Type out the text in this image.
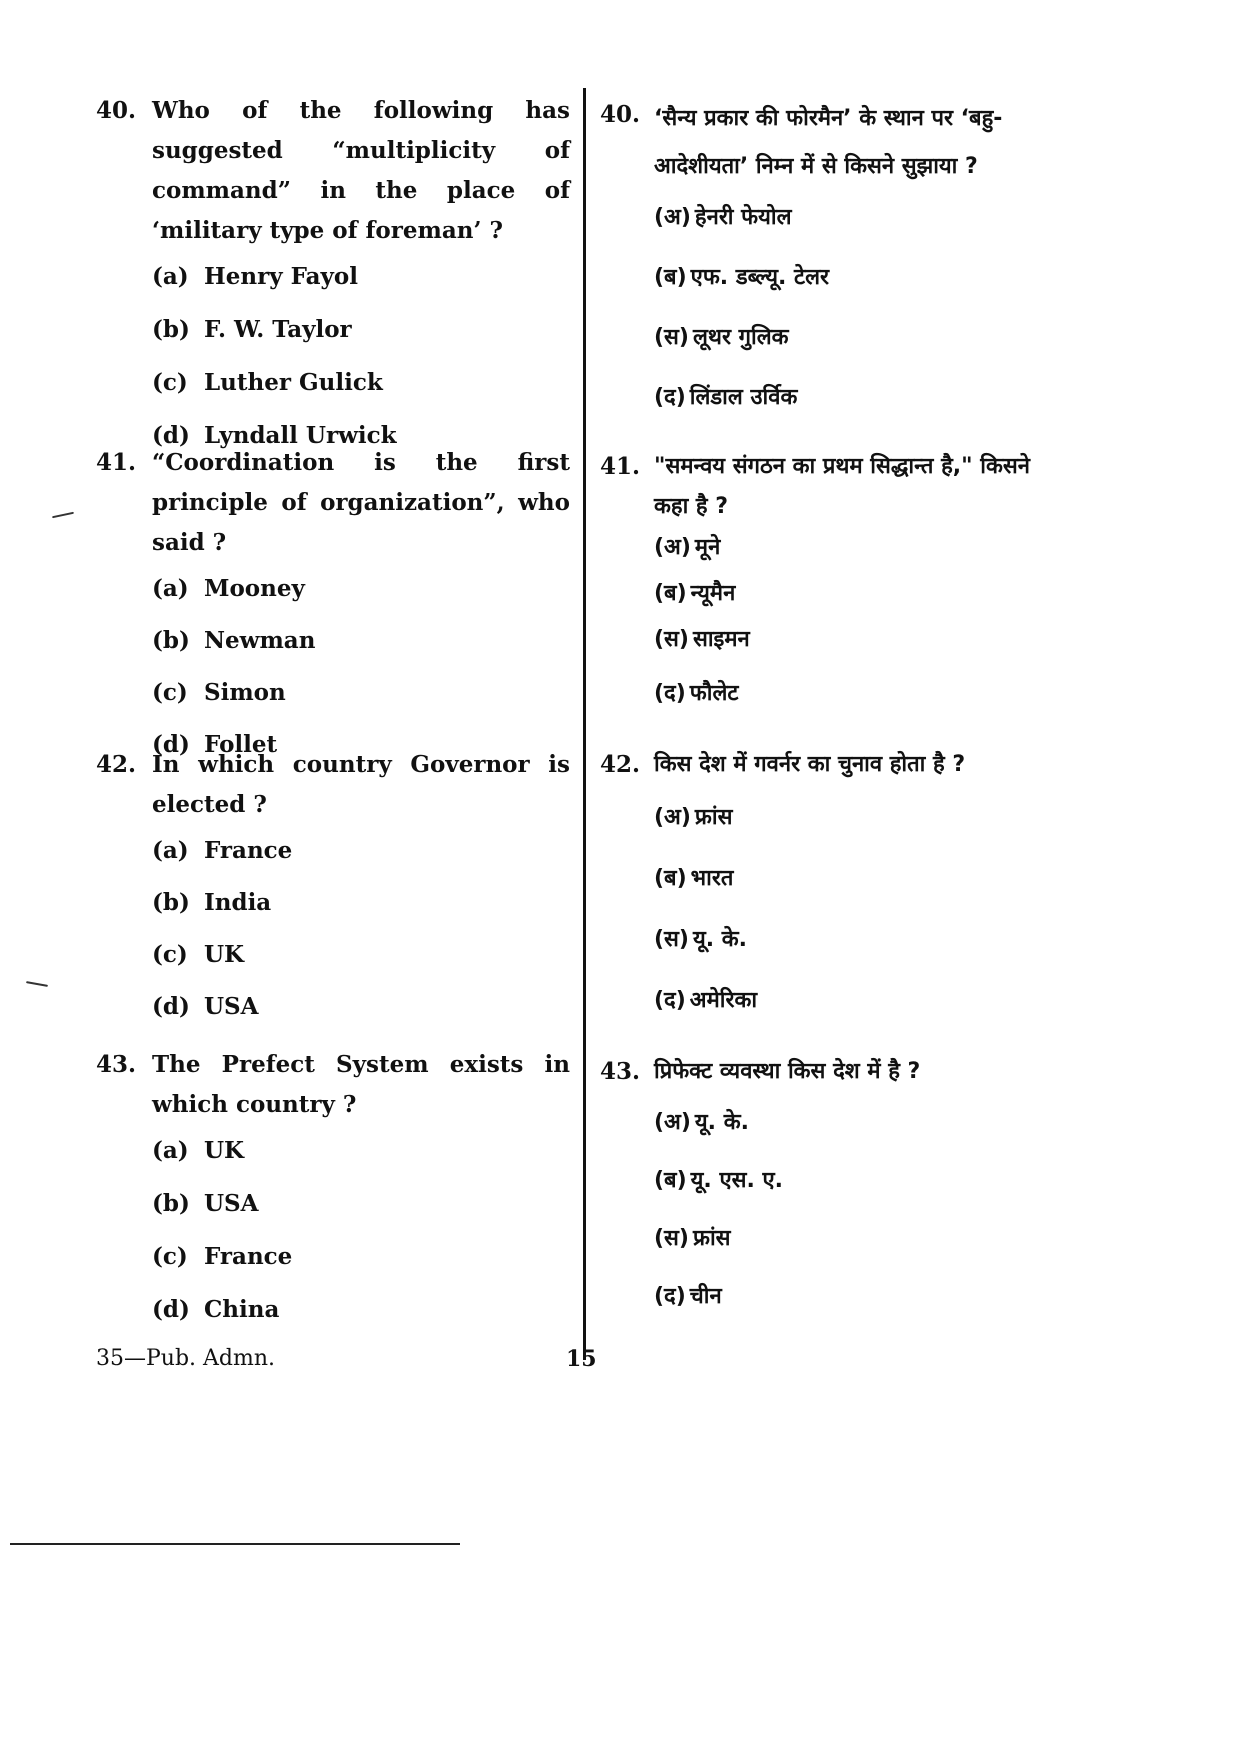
40. Who of the following has suggested “multiplicity of command” in the place of ‘military type of foreman’ ?
(a) Henry Fayol
(b) F. W. Taylor
(c) Luther Gulick
(d) Lyndall Urwick
41. “Coordination is the first principle of organization”, who said ?
(a) Mooney
(b) Newman
(c) Simon
(d) Follet
42. In which country Governor is elected ?
(a) France
(b) India
(c) UK
(d) USA
43. The Prefect System exists in which country ?
(a) UK
(b) USA
(c) France
(d) China
40. ‘सैन्य प्रकार की फोरमैन’ के स्थान पर ‘बहु-आदेशीयता’ निम्न में से किसने सुझाया ?
(अ) हेनरी फेयोल
(ब) एफ. डब्ल्यू. टेलर
(स) लूथर गुलिक
(द) लिंडाल उर्विक
41. "समन्वय संगठन का प्रथम सिद्धान्त है," किसने कहा है ?
(अ) मूने
(ब) न्यूमैन
(स) साइमन
(द) फौलेट
42. किस देश में गवर्नर का चुनाव होता है ?
(अ) फ्रांस
(ब) भारत
(स) यू. के.
(द) अमेरिका
43. प्रिफेक्ट व्यवस्था किस देश में है ?
(अ) यू. के.
(ब) यू. एस. ए.
(स) फ्रांस
(द) चीन
35—Pub. Admn.	15
